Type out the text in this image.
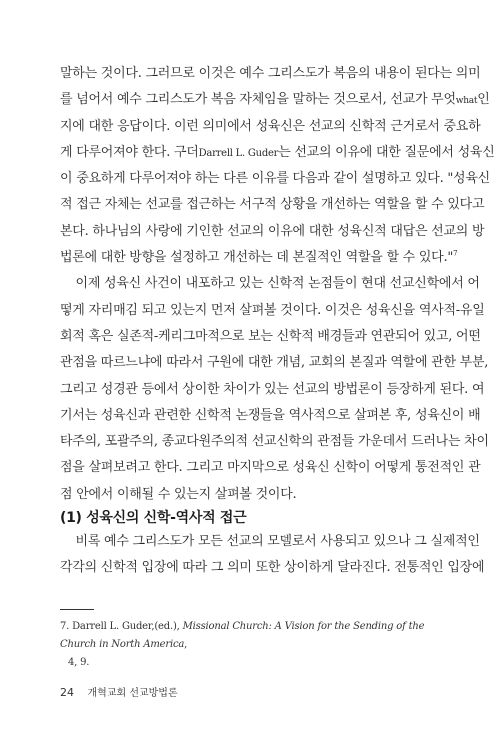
말하는 것이다. 그러므로 이것은 예수 그리스도가 복음의 내용이 된다는 의미
를 넘어서 예수 그리스도가 복음 자체임을 말하는 것으로서, 선교가 무엇what인
지에 대한 응답이다. 이런 의미에서 성육신은 선교의 신학적 근거로서 중요하
게 다루어져야 한다. 구더Darrell L. Guder는 선교의 이유에 대한 질문에서 성육신
이 중요하게 다루어져야 하는 다른 이유를 다음과 같이 설명하고 있다. "성육신
적 접근 자체는 선교를 접근하는 서구적 상황을 개선하는 역할을 할 수 있다고
본다. 하나님의 사랑에 기인한 선교의 이유에 대한 성육신적 대답은 선교의 방
법론에 대한 방향을 설정하고 개선하는 데 본질적인 역할을 할 수 있다."$^7$
이제 성육신 사건이 내포하고 있는 신학적 논점들이 현대 선교신학에서 어
떻게 자리매김 되고 있는지 먼저 살펴볼 것이다. 이것은 성육신을 역사적-유일
회적 혹은 실존적-케리그마적으로 보는 신학적 배경들과 연관되어 있고, 어떤
관점을 따르느냐에 따라서 구원에 대한 개념, 교회의 본질과 역할에 관한 부분,
그리고 성경관 등에서 상이한 차이가 있는 선교의 방법론이 등장하게 된다. 여
기서는 성육신과 관련한 신학적 논쟁들을 역사적으로 살펴본 후, 성육신이 배
타주의, 포괄주의, 종교다원주의적 선교신학의 관점들 가운데서 드러나는 차이
점을 살펴보려고 한다. 그리고 마지막으로 성육신 신학이 어떻게 통전적인 관
점 안에서 이해될 수 있는지 살펴볼 것이다.
(1) 성육신의 신학-역사적 접근
비록 예수 그리스도가 모든 선교의 모델로서 사용되고 있으나 그 실제적인
각각의 신학적 입장에 따라 그 의미 또한 상이하게 달라진다. 전통적인 입장에
7. Darrell L. Guder,(ed.), Missional Church: A Vision for the Sending of the Church in North America,
4, 9.
24 개혁교회 선교방법론
